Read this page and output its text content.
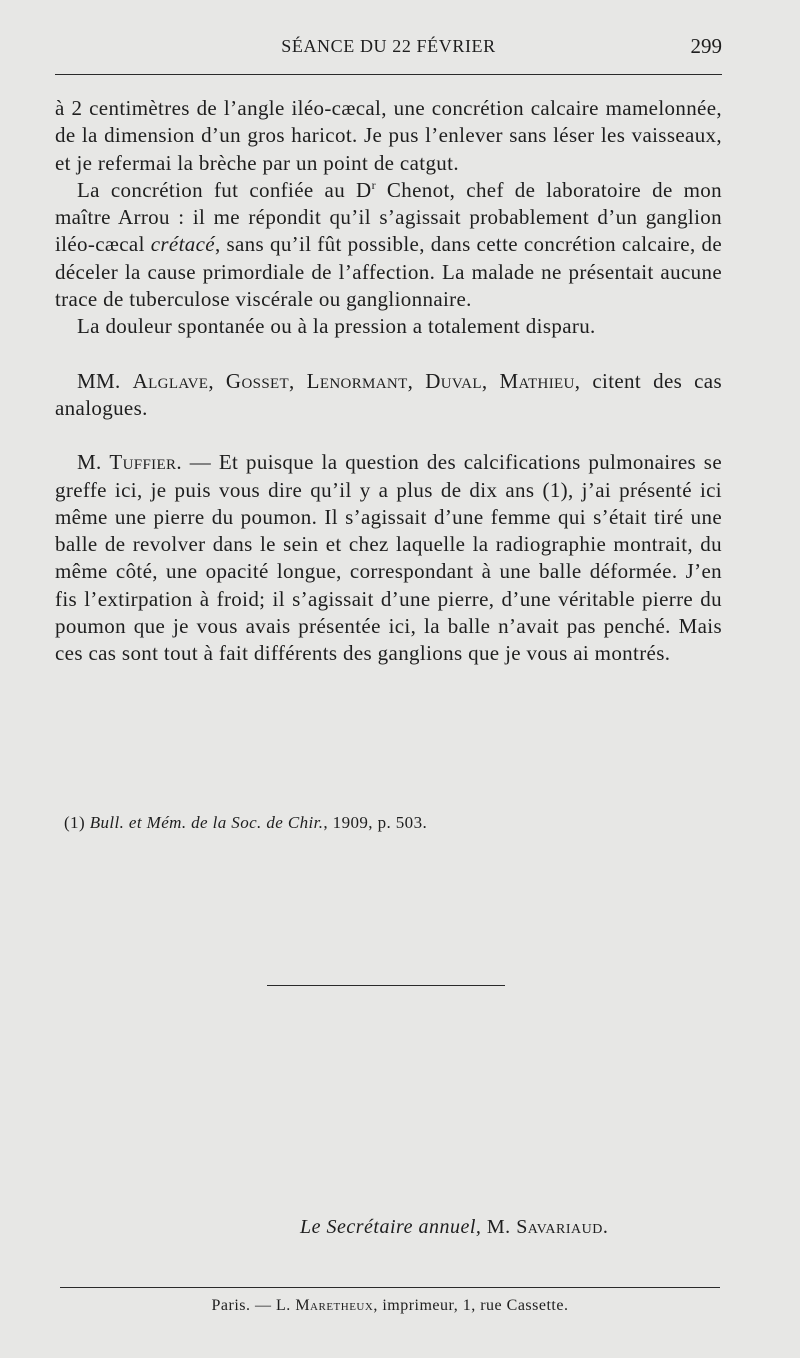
SÉANCE DU 22 FÉVRIER	299

à 2 centimètres de l’angle iléo-cæcal, une concrétion calcaire mamelonnée, de la dimension d’un gros haricot. Je pus l’enlever sans léser les vaisseaux, et je refermai la brèche par un point de catgut.

La concrétion fut confiée au $D^r$ Chenot, chef de laboratoire de mon maître Arrou : il me répondit qu’il s’agissait probablement d’un ganglion iléo-cæcal crétacé, sans qu’il fût possible, dans cette concrétion calcaire, de déceler la cause primordiale de l’affection. La malade ne présentait aucune trace de tuberculose viscérale ou ganglionnaire.

La douleur spontanée ou à la pression a totalement disparu.

MM. Alglave, Gosset, Lenormant, Duval, Mathieu, citent des cas analogues.

M. Tuffier. — Et puisque la question des calcifications pulmonaires se greffe ici, je puis vous dire qu’il y a plus de dix ans (1), j’ai présenté ici même une pierre du poumon. Il s’agissait d’une femme qui s’était tiré une balle de revolver dans le sein et chez laquelle la radiographie montrait, du même côté, une opacité longue, correspondant à une balle déformée. J’en fis l’extirpation à froid; il s’agissait d’une pierre, d’une véritable pierre du poumon que je vous avais présentée ici, la balle n’avait pas penché. Mais ces cas sont tout à fait différents des ganglions que je vous ai montrés.

(1) Bull. et Mém. de la Soc. de Chir., 1909, p. 503.
Le Secrétaire annuel, M. Savariaud.
Paris. — L. Maretheux, imprimeur, 1, rue Cassette.
